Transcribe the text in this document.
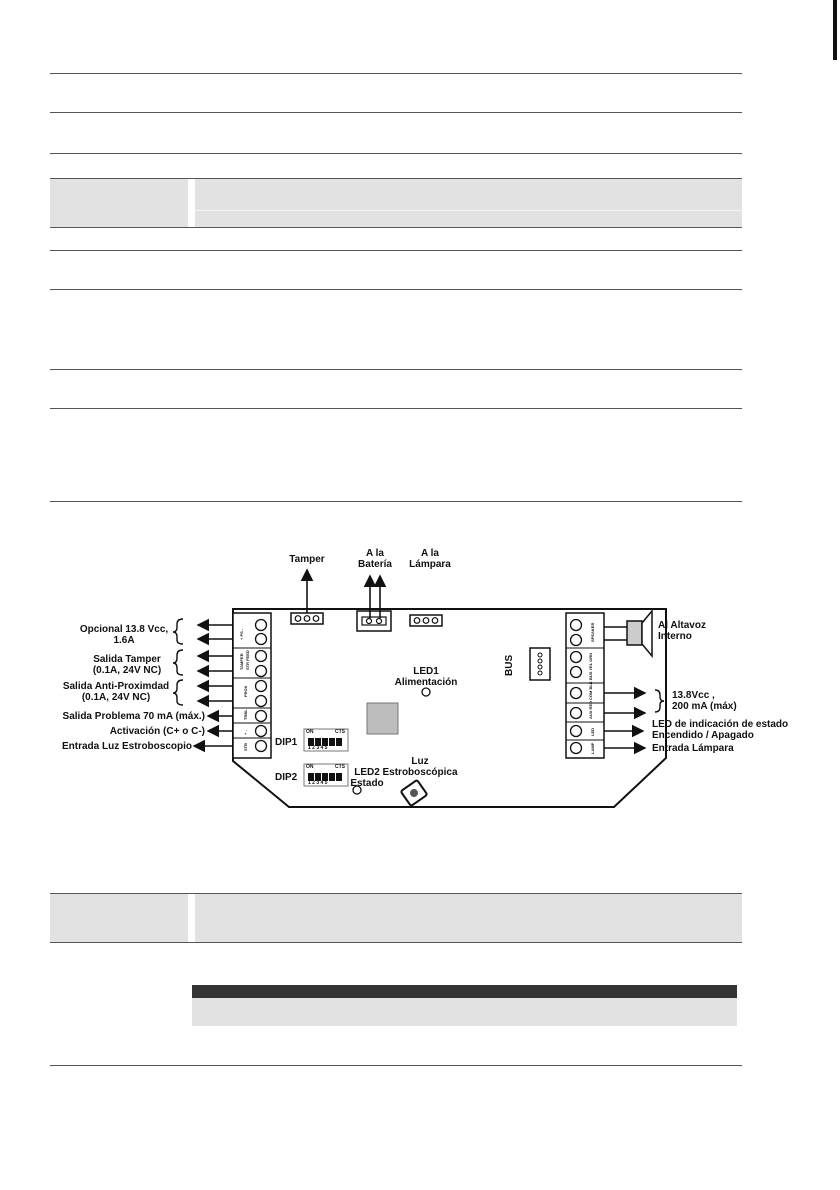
Tamper
A la
Batería
A la
Lámpara
Opcional 13.8 Vcc,
1.6A
Salida Tamper
(0.1A, 24V NC)
Salida Anti-Proximdad
(0.1A, 24V NC)
Salida Problema 70 mA (máx.)
Activación (C+ o C-)
Entrada Luz Estroboscopio
Al Altavoz
Interno
13.8Vcc ,
200 mA (máx)
LED de indicación de estado
Encendido / Apagado
Entrada Lámpara
BUS
LED1
Alimentación
DIP1
DIP2	LED2
Estado
Luz
Estroboscópica
ON	CTS
1 2 3 4 5
ON	CTS
1 2 3 4 5
+ PS -
TAMPER STR FEED
PROX
TRBL
+ -
STB
SPEAKER
BUS YEL GRN
COM BLK
AUX RED
LED
LAMP
